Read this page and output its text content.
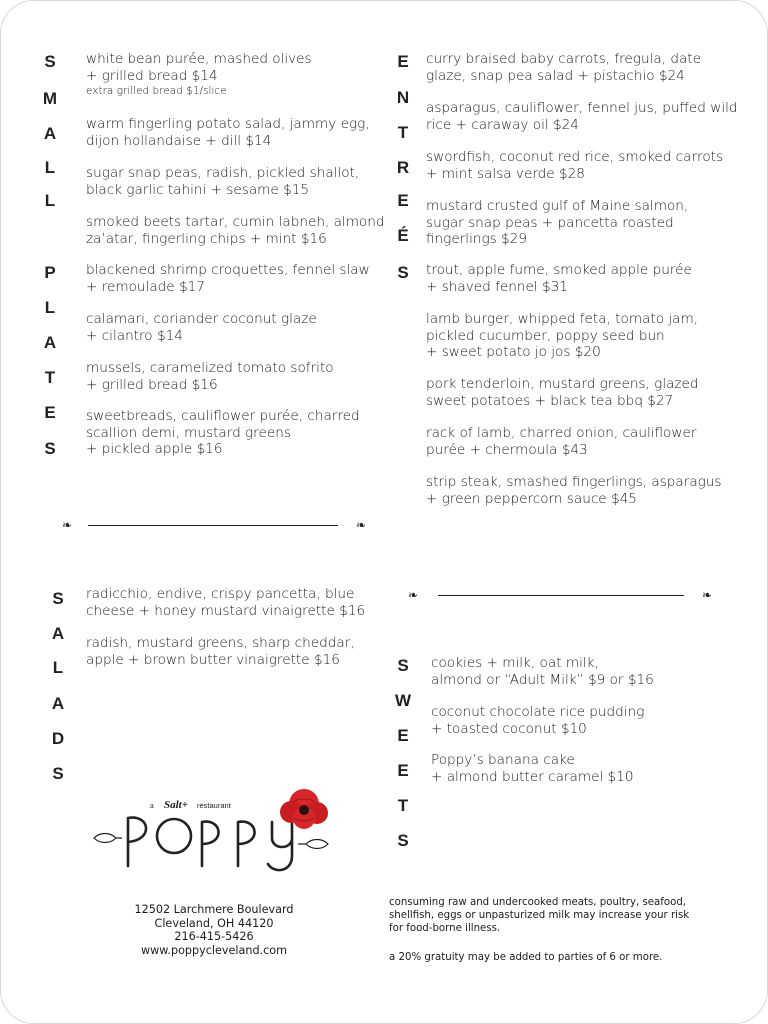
S
M
A
L
L
P
L
A
T
E
S
white bean purée, mashed olives
+ grilled bread $14
extra grilled bread $1/slice
warm fingerling potato salad, jammy egg,
dijon hollandaise + dill $14
sugar snap peas, radish, pickled shallot,
black garlic tahini + sesame $15
smoked beets tartar, cumin labneh, almond
za’atar, fingerling chips + mint $16
blackened shrimp croquettes, fennel slaw
+ remoulade $17
calamari, coriander coconut glaze
+ cilantro $14
mussels, caramelized tomato sofrito
+ grilled bread $16
sweetbreads, cauliflower purée, charred
scallion demi, mustard greens
+ pickled apple $16
E
N
T
R
E
É
S
curry braised baby carrots, fregula, date
glaze, snap pea salad + pistachio $24
asparagus, cauliflower, fennel jus, puffed wild
rice + caraway oil $24
swordfish, coconut red rice, smoked carrots
+ mint salsa verde $28
mustard crusted gulf of Maine salmon,
sugar snap peas + pancetta roasted
fingerlings $29
trout, apple fume, smoked apple purée
+ shaved fennel $31
lamb burger, whipped feta, tomato jam,
pickled cucumber, poppy seed bun
+ sweet potato jo jos $20
pork tenderloin, mustard greens, glazed
sweet potatoes + black tea bbq $27
rack of lamb, charred onion, cauliflower
purée + chermoula $43
strip steak, smashed fingerlings, asparagus
+ green peppercorn sauce $45
❧	❧
❧	❧
S
A
L
A
D
S
radicchio, endive, crispy pancetta, blue
cheese + honey mustard vinaigrette $16
radish, mustard greens, sharp cheddar,
apple + brown butter vinaigrette $16	S
W
E
E
T
S
cookies + milk, oat milk,
almond or “Adult Milk” $9 or $16
coconut chocolate rice pudding
+ toasted coconut $10
Poppy’s banana cake
+ almond butter caramel $10
a Salt+ restaurant
12502 Larchmere Boulevard
Cleveland, OH 44120
216-415-5426
www.poppycleveland.com
consuming raw and undercooked meats, poultry, seafood,
shellfish, eggs or unpasturized milk may increase your risk
for food-borne illness.
a 20% gratuity may be added to parties of 6 or more.
